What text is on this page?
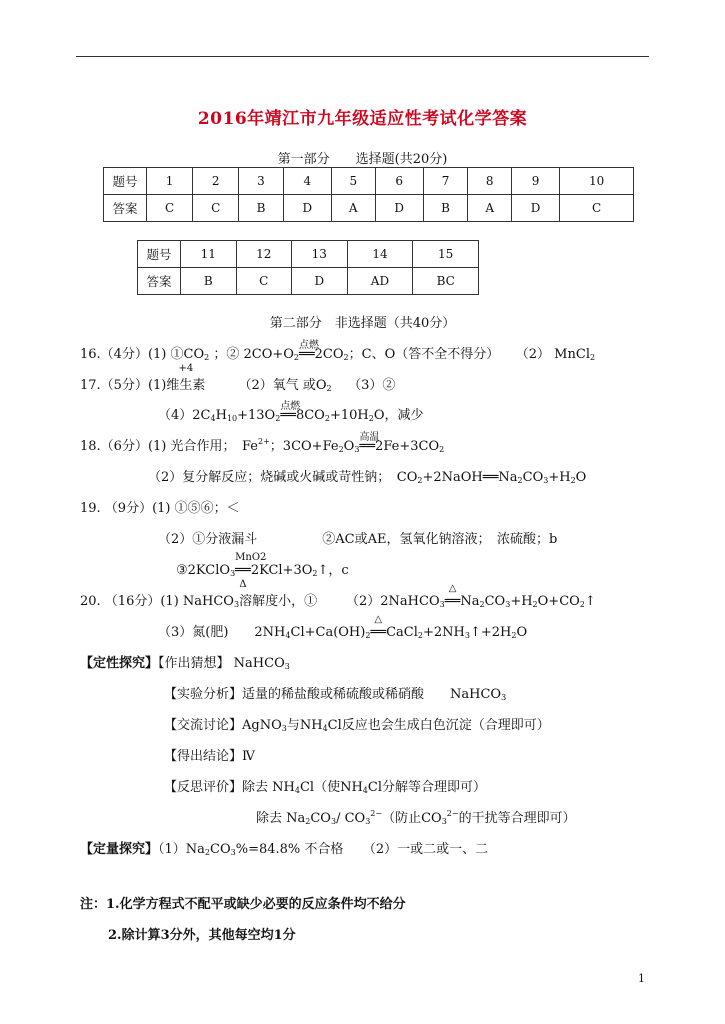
2016年靖江市九年级适应性考试化学答案
第一部分　　选择题(共20分)
题号	1	2	3	4	5	6	7	8	9	10
答案	C	C	B	D	A	D	B	A	D	C
题号	11	12	13	14	15
答案	B	C	D	AD	BC
第二部分　非选择题（共40分）
16.（4分）(1) $①CO_2$ ；② $2CO+O_2$
点燃
$══2CO_2$；C、O（答不全不得分） （2） MnCl$_2$
17.（5分）(1)
+4
维生素	（2）氧气 或$O_2$ （3）②
$(4)2C_4H_{10}+13O_2$
点燃
$══8CO_2+10H_2O$，减少
18.（6分）(1) 光合作用；　$Fe^{2+}$；$3CO+Fe_2O_3$
高温
$══2Fe+3CO_2$
（2）复分解反应；烧碱或火碱或苛性钠；　$CO_2+2NaOH══Na_2CO_3+H_2O$
19. （9分）(1) ①⑤⑥；＜
（2）①分液漏斗　　　　　②AC或AE，氢氧化钠溶液；　浓硫酸；b
③2KClO$_3$
MnO2
══
Δ
$2KCl+3O_2↑$，c
20. （16分）(1) NaHCO$_3$溶解度小，① （2）2NaHCO$_3$
△
$══Na_2CO_3+H_2O+CO_2↑$
（3）氮(肥)　　$2NH_4Cl+Ca(OH)_2$
△
$══CaCl_2+2NH_3↑+2H_2O$
【定性探究】【作出猜想】 NaHCO$_3$
【实验分析】适量的稀盐酸或稀硫酸或稀硝酸　　NaHCO$_3$
【交流讨论】AgNO$_3$与$NH_4Cl$反应也会生成白色沉淀（合理即可）
【得出结论】Ⅳ
【反思评价】除去 $NH_4Cl$（使$NH_4Cl$分解等合理即可）
除去 $Na_2CO_3/$ $CO_3^{2-}$（防止$CO_3^{2-}$的干扰等合理即可）
【定量探究】$(1)Na_2CO_3\%=84.8\%$ 不合格　　（2）一或二或一、二
注：1.化学方程式不配平或缺少必要的反应条件均不给分
2.除计算3分外，其他每空均1分
1
